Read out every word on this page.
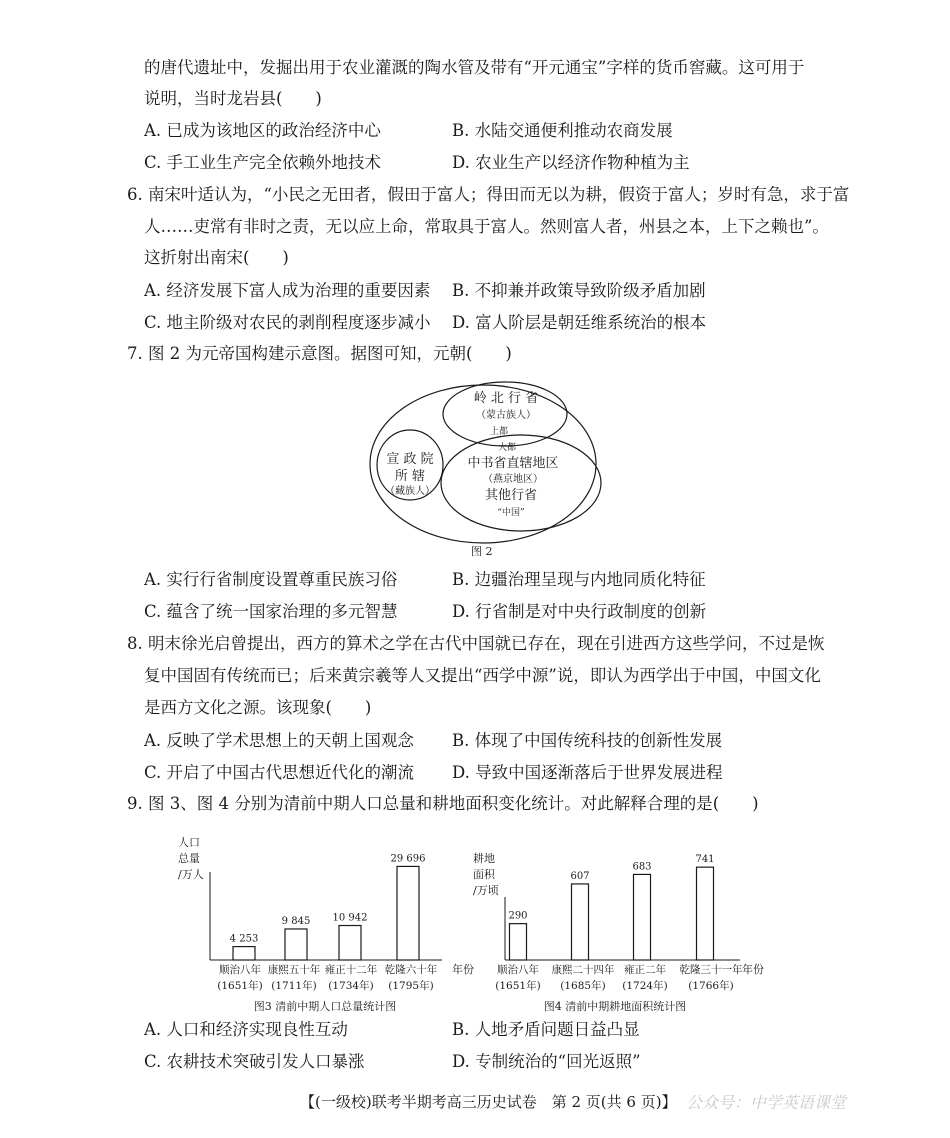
的唐代遗址中，发掘出用于农业灌溉的陶水管及带有“开元通宝”字样的货币窖藏。这可用于
说明，当时龙岩县(　　)
A. 已成为该地区的政治经济中心	B. 水陆交通便利推动农商发展
C. 手工业生产完全依赖外地技术	D. 农业生产以经济作物种植为主
6. 南宋叶适认为，“小民之无田者，假田于富人；得田而无以为耕，假资于富人；岁时有急，求于富
人……吏常有非时之责，无以应上命，常取具于富人。然则富人者，州县之本，上下之赖也”。
这折射出南宋(　　)
A. 经济发展下富人成为治理的重要因素 B. 不抑兼并政策导致阶级矛盾加剧
C. 地主阶级对农民的剥削程度逐步减小 D. 富人阶层是朝廷维系统治的根本
7. 图 2 为元帝国构建示意图。据图可知，元朝(　　)
岭 北 行 省
（蒙古族人）
上都
大都
中书省直辖地区
（燕京地区）
其他行省
“中国”
宣 政 院
所 辖
（藏族人）
图 2
A. 实行行省制度设置尊重民族习俗	B. 边疆治理呈现与内地同质化特征
C. 蕴含了统一国家治理的多元智慧	D. 行省制是对中央行政制度的创新
8. 明末徐光启曾提出，西方的算术之学在古代中国就已存在，现在引进西方这些学问，不过是恢
复中国固有传统而已；后来黄宗羲等人又提出“西学中源”说，即认为西学出于中国，中国文化
是西方文化之源。该现象(　　)
A. 反映了学术思想上的天朝上国观念 B. 体现了中国传统科技的创新性发展
C. 开启了中国古代思想近代化的潮流 D. 导致中国逐渐落后于世界发展进程
9. 图 3、图 4 分别为清前中期人口总量和耕地面积变化统计。对此解释合理的是(　　)
人口
总量
/万人
4 253
顺治八年
(1651年)
9 845
康熙五十年
(1711年)
10 942
雍正十二年
(1734年)
29 696
乾隆六十年
(1795年)
年份
图3 清前中期人口总量统计图
耕地
面积
/万顷
290
顺治八年
(1651年)
607
康熙二十四年
(1685年)
683
雍正二年
(1724年)
741
乾隆三十一年
(1766年)
年份
图4 清前中期耕地面积统计图
A. 人口和经济实现良性互动	B. 人地矛盾问题日益凸显
C. 农耕技术突破引发人口暴涨	D. 专制统治的“回光返照”
【(一级校)联考半期考高三历史试卷　第 2 页(共 6 页)】 公众号：中学英语课堂
